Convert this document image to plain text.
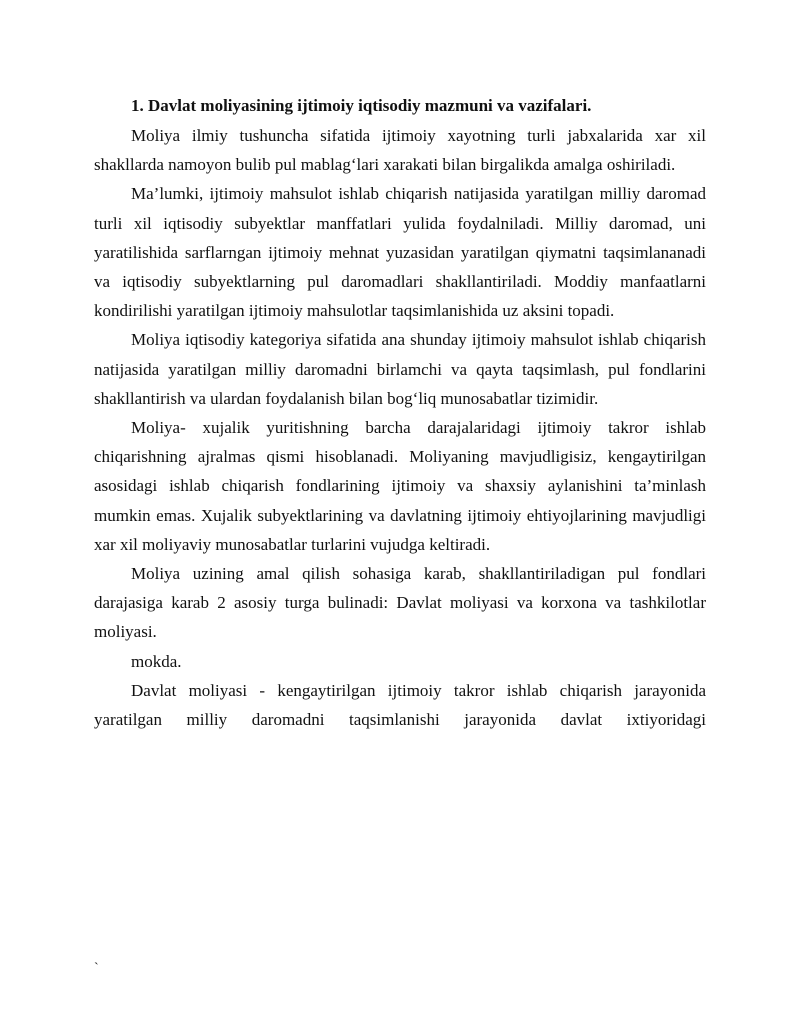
1. Davlat moliyasining ijtimoiy iqtisodiy mazmuni va vazifalari.

Moliya ilmiy tushuncha sifatida ijtimoiy xayotning turli jabxalarida xar xil shakllarda namoyon bulib pul mablag‘lari xarakati bilan birgalikda amalga oshiriladi.

Ma’lumki, ijtimoiy mahsulot ishlab chiqarish natijasida yaratilgan milliy daromad turli xil iqtisodiy subyektlar manffatlari yulida foydalniladi. Milliy daromad, uni yaratilishida sarflarngan ijtimoiy mehnat yuzasidan yaratilgan qiymatni taqsimlananadi va iqtisodiy subyektlarning pul daromadlari shakllantiriladi. Moddiy manfaatlarni kondirilishi yaratilgan ijtimoiy mahsulotlar taqsimlanishida uz aksini topadi.

Moliya iqtisodiy kategoriya sifatida ana shunday ijtimoiy mahsulot ishlab chiqarish natijasida yaratilgan milliy daromadni birlamchi va qayta taqsimlash, pul fondlarini shakllantirish va ulardan foydalanish bilan bog‘liq munosabatlar tizimidir.

Moliya- xujalik yuritishning barcha darajalaridagi ijtimoiy takror ishlab chiqarishning ajralmas qismi hisoblanadi. Moliyaning mavjudligisiz, kengaytirilgan asosidagi ishlab chiqarish fondlarining ijtimoiy va shaxsiy aylanishini ta’minlash mumkin emas. Xujalik subyektlarining va davlatning ijtimoiy ehtiyojlarining mavjudligi xar xil moliyaviy munosabatlar turlarini vujudga keltiradi.

Moliya uzining amal qilish sohasiga karab, shakllantiriladigan pul fondlari darajasiga karab 2 asosiy turga bulinadi: Davlat moliyasi va korxona va tashkilotlar moliyasi.

mokda.

Davlat moliyasi - kengaytirilgan ijtimoiy takror ishlab chiqarish jarayonida yaratilgan milliy daromadni taqsimlanishi jarayonida davlat ixtiyoridagi

`
